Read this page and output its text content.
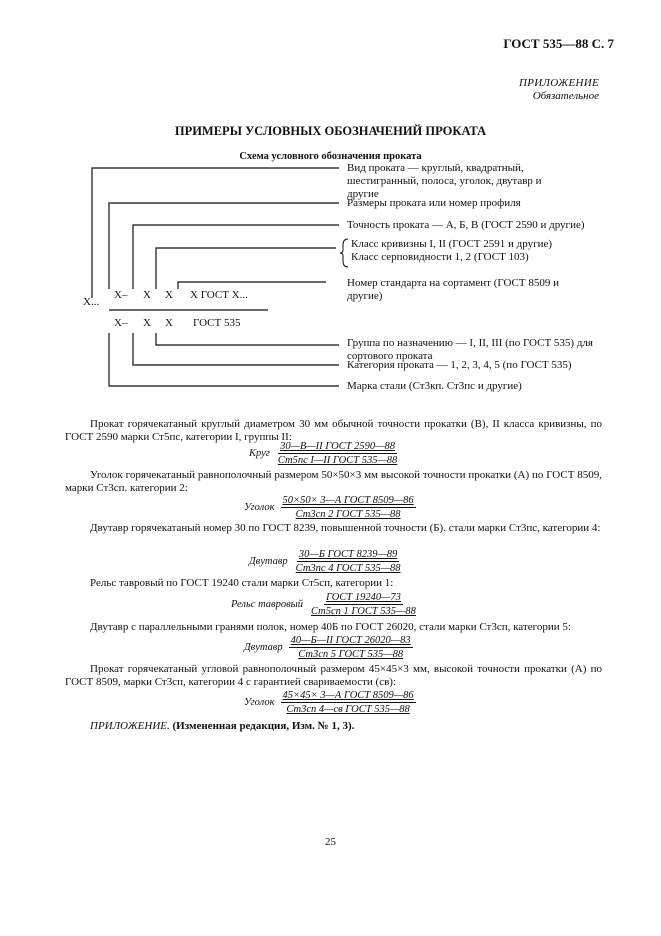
ГОСТ 535—88 С. 7
ПРИЛОЖЕНИЕ
Обязательное
ПРИМЕРЫ УСЛОВНЫХ ОБОЗНАЧЕНИЙ ПРОКАТА
Схема условного обозначения проката
X...
X– X X X ГОСТ X...
X– X X ГОСТ 535
Вид проката — круглый, квадратный, шестигранный, полоса, уголок, двутавр и другие
Размеры проката или номер профиля
Точность проката — А, Б, В (ГОСТ 2590 и другие)
Класс кривизны I, II (ГОСТ 2591 и другие)
Класс серповидности 1, 2 (ГОСТ 103)
Номер стандарта на сортамент (ГОСТ 8509 и другие)
Группа по назначению — I, II, III (по ГОСТ 535) для сортового проката
Категория проката — 1, 2, 3, 4, 5 (по ГОСТ 535)
Марка стали (Ст3кп. Ст3пс и другие)
Прокат горячекатаный круглый диаметром 30 мм обычной точности прокатки (В), II класса кривизны, по ГОСТ 2590 марки Ст5пс, категории I, группы II:
Круг $\frac{\text{30—В—II ГОСТ 2590—88}}{\text{Ст5пс I—II ГОСТ 535—88}}$
Уголок горячекатаный равнополочный размером 50×50×3 мм высокой точности прокатки (А) по ГОСТ 8509, марки Ст3сп. категории 2:
Уголок $\frac{\text{50×50× 3—А ГОСТ 8509—86}}{\text{Ст3сп 2 ГОСТ 535—88}}$
Двутавр горячекатаный номер 30 по ГОСТ 8239, повышенной точности (Б). стали марки Ст3пс, категории 4:
Двутавр $\frac{\text{30—Б ГОСТ 8239—89}}{\text{Ст3пс 4 ГОСТ 535—88}}$
Рельс тавровый по ГОСТ 19240 стали марки Ст5сп, категории 1:
Рельс тавровый $\frac{\text{ГОСТ 19240—73}}{\text{Ст5сп 1 ГОСТ 535—88}}$
Двутавр с параллельными гранями полок, номер 40Б по ГОСТ 26020, стали марки Ст3сп, категории 5:
Двутавр $\frac{\text{40—Б—II ГОСТ 26020—83}}{\text{Ст3сп 5 ГОСТ 535—88}}$
Прокат горячекатаный угловой равнополочный размером 45×45×3 мм, высокой точности прокатки (А) по ГОСТ 8509, марки Ст3сп, категории 4 с гарантией свариваемости (св):
Уголок $\frac{\text{45×45× 3—А ГОСТ 8509—86}}{\text{Ст3сп 4—св ГОСТ 535—88}}$
ПРИЛОЖЕНИЕ. (Измененная редакция, Изм. № 1, 3).
25
